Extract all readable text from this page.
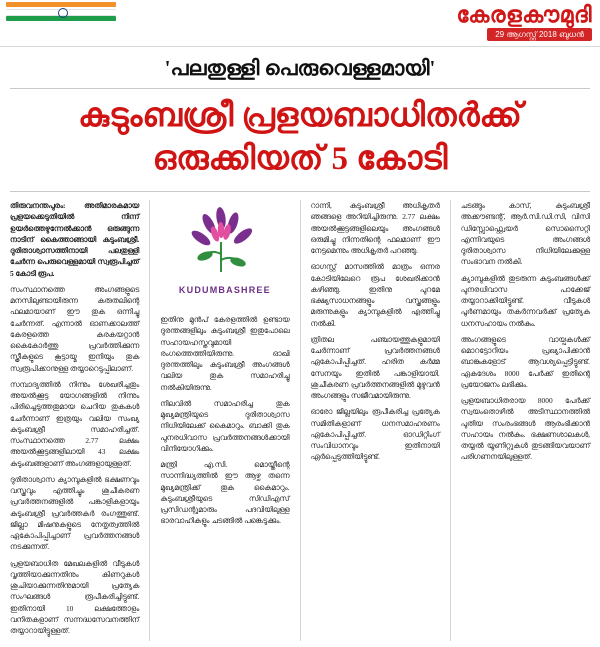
കേരളകൗമുദി
29 ആഗസ്റ്റ് 2018 ബുധൻ
'പലതുള്ളി പെരുവെള്ളമായി'
കുടുംബശ്രീ പ്രളയബാധിതർക്ക്
ഒരുക്കിയത് 5 കോടി

തിരുവനന്തപുരം: അതിമാരകമായ പ്രളയക്കെടുതിയിൽ നിന്ന് ഉയർത്തെഴുന്നേൽക്കാൻ ഒരുങ്ങുന്ന നാടിന് കൈത്താങ്ങായി കുടുംബശ്രീ. ദുരിതാശ്വാസത്തിനായി പലതുള്ളി ചേർന്ന പെരുവെള്ളമായി സ്വരൂപിച്ചത് 5 കോടി രൂപ.

സംസ്ഥാനത്തെ അംഗങ്ങളുടെ മനസിലുണ്ടായിരുന്ന കരുതലിന്റെ ഫലമായാണ് ഈ തുക ഒന്നിച്ചു ചേർന്നത്. എന്നാൽ ഓണക്കാലത്ത് കേരളത്തെ കരകയറ്റാൻ കൈകോർത്തു പ്രവർത്തിക്കുന്ന സ്ത്രീകളുടെ കൂട്ടായ്മ ഇനിയും തുക സ്വരൂപിക്കാനുള്ള തയ്യാറെടുപ്പിലാണ്.

സമ്പാദ്യത്തിൽ നിന്നും ശേഖരിച്ചതും അയൽക്കൂട്ട യോഗങ്ങളിൽ നിന്നും പിരിച്ചെടുത്തതുമായ ചെറിയ തുകകൾ ചേർന്നാണ് ഇത്രയും വലിയ സംഖ്യ കുടുംബശ്രീ സമാഹരിച്ചത്. സംസ്ഥാനത്തെ 2.77 ലക്ഷം അയൽക്കൂട്ടങ്ങളിലായി 43 ലക്ഷം കുടുംബങ്ങളാണ് അംഗങ്ങളായുള്ളത്.

ദുരിതാശ്വാസ ക്യാമ്പുകളിൽ ഭക്ഷണവും വസ്ത്രവും എത്തിച്ചും ശുചീകരണ പ്രവർത്തനങ്ങളിൽ പങ്കാളികളായും കുടുംബശ്രീ പ്രവർത്തകർ രംഗത്തുണ്ട്. ജില്ലാ മിഷനുകളുടെ നേതൃത്വത്തിൽ ഏകോപിപ്പിച്ചാണ് പ്രവർത്തനങ്ങൾ നടക്കുന്നത്.

പ്രളയബാധിത മേഖലകളിൽ വീടുകൾ വൃത്തിയാക്കുന്നതിനും കിണറുകൾ ശുചിയാക്കുന്നതിനുമായി പ്രത്യേക സംഘങ്ങൾ രൂപീകരിച്ചിട്ടുണ്ട്. ഇതിനായി 10 ലക്ഷത്തോളം വനിതകളാണ് സന്നദ്ധസേവനത്തിന് തയ്യാറായിട്ടുള്ളത്.

KUDUMBASHREE

ഇതിനു മുൻപ് കേരളത്തിൽ ഉണ്ടായ ദുരന്തങ്ങളിലും കുടുംബശ്രീ ഇതുപോലെ സഹായഹസ്തവുമായി രംഗത്തെത്തിയിരുന്നു. ഓഖി ദുരന്തത്തിലും കുടുംബശ്രീ അംഗങ്ങൾ വലിയ തുക സമാഹരിച്ചു നൽകിയിരുന്നു.

നിലവിൽ സമാഹരിച്ച തുക മുഖ്യമന്ത്രിയുടെ ദുരിതാശ്വാസ നിധിയിലേക്ക് കൈമാറും. ബാക്കി തുക പുനരധിവാസ പ്രവർത്തനങ്ങൾക്കായി വിനിയോഗിക്കും.

മന്ത്രി എ.സി. മൊയ്തീന്റെ സാന്നിദ്ധ്യത്തിൽ ഈ ആഴ്ച തന്നെ മുഖ്യമന്ത്രിക്ക് തുക കൈമാറും. കുടുംബശ്രീയുടെ സിഡിഎസ് പ്രസിഡന്റുമാരും പദവിയിലുള്ള ഭാരവാഹികളും ചടങ്ങിൽ പങ്കെടുക്കും.

റാന്നി, കുടുംബശ്രീ അധികൃതർ ഞങ്ങളെ അറിയിച്ചിരുന്നു. 2.77 ലക്ഷം അയൽക്കൂട്ടങ്ങളിലെയും അംഗങ്ങൾ ഒരുമിച്ചു നിന്നതിന്റെ ഫലമാണ് ഈ നേട്ടമെന്നും അധികൃതർ പറഞ്ഞു.

ഓഗസ്റ്റ് മാസത്തിൽ മാത്രം ഒന്നര കോടിയിലേറെ രൂപ ശേഖരിക്കാൻ കഴിഞ്ഞു. ഇതിനു പുറമേ ഭക്ഷ്യസാധനങ്ങളും വസ്ത്രങ്ങളും മരുന്നുകളും ക്യാമ്പുകളിൽ എത്തിച്ചു നൽകി.

ത്രിതല പഞ്ചായത്തുകളുമായി ചേർന്നാണ് പ്രവർത്തനങ്ങൾ ഏകോപിപ്പിച്ചത്. ഹരിത കർമ്മ സേനയും ഇതിൽ പങ്കാളിയായി. ശുചീകരണ പ്രവർത്തനങ്ങളിൽ മുഴുവൻ അംഗങ്ങളും സജീവമായിരുന്നു.

ഓരോ ജില്ലയിലും രൂപീകരിച്ച പ്രത്യേക സമിതികളാണ് ധനസമാഹരണം ഏകോപിപ്പിച്ചത്. ഓഡിറ്റിംഗ് സംവിധാനവും ഇതിനായി ഏർപ്പെടുത്തിയിട്ടുണ്ട്.

ചടങ്ങും കാസ്, കുടുംബശ്രീ അക്കൗണ്ടന്റ്, ആർ.സി.ഡി.സി, വിസി ഡിസ്സോഫ്റ്റ്വെയർ സൊസൈറ്റി എന്നിവയുടെ അംഗങ്ങൾ ദുരിതാശ്വാസ നിധിയിലേക്കുള്ള സംഭാവന നൽകി.

ക്യാമ്പുകളിൽ തുടരുന്ന കുടുംബങ്ങൾക്ക് പുനരധിവാസ പാക്കേജ് തയ്യാറാക്കിയിട്ടുണ്ട്. വീടുകൾ പൂർണമായും തകർന്നവർക്ക് പ്രത്യേക ധനസഹായം നൽകും.

അംഗങ്ങളുടെ വായ്പകൾക്ക് മൊറട്ടോറിയം പ്രഖ്യാപിക്കാൻ ബാങ്കുകളോട് ആവശ്യപ്പെട്ടിട്ടുണ്ട്. ഏകദേശം 8000 പേർക്ക് ഇതിന്റെ പ്രയോജനം ലഭിക്കും.

പ്രളയബാധിതരായ 8000 പേർക്ക് സ്വയംതൊഴിൽ അടിസ്ഥാനത്തിൽ പുതിയ സംരംഭങ്ങൾ ആരംഭിക്കാൻ സഹായം നൽകും. ഭക്ഷണശാലകൾ, തയ്യൽ യൂണിറ്റുകൾ തുടങ്ങിയവയാണ് പരിഗണനയിലുള്ളത്.
